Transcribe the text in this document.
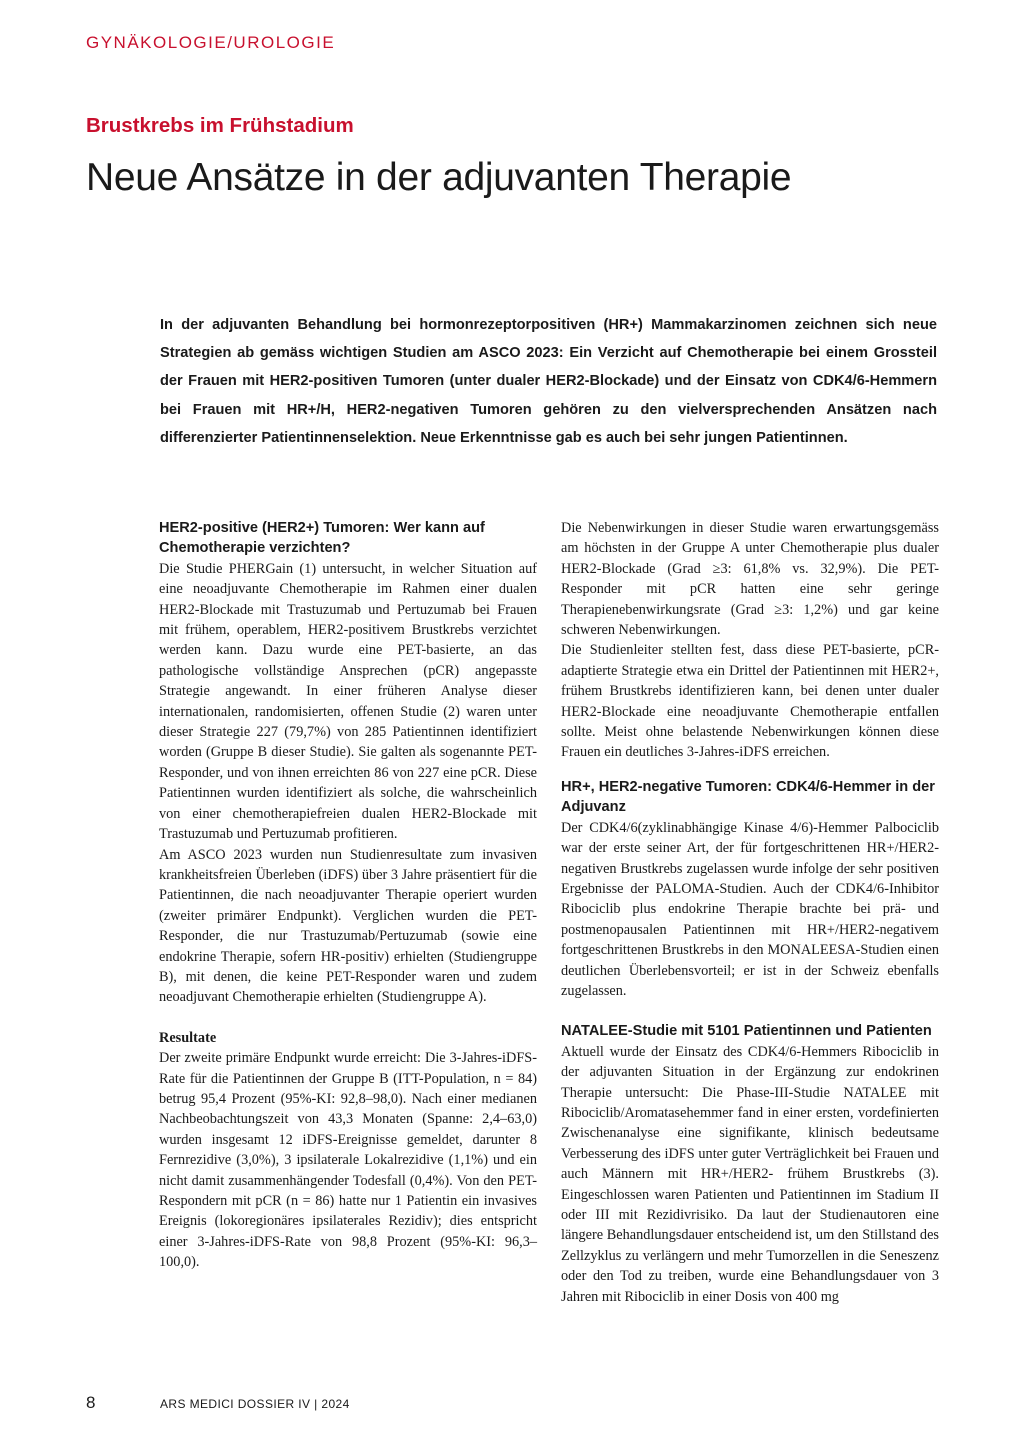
GYNÄKOLOGIE/UROLOGIE
Brustkrebs im Frühstadium
Neue Ansätze in der adjuvanten Therapie

In der adjuvanten Behandlung bei hormonrezeptorpositiven (HR+) Mammakarzinomen zeichnen sich neue Strategien ab gemäss wichtigen Studien am ASCO 2023: Ein Verzicht auf Chemotherapie bei einem Grossteil der Frauen mit HER2-positiven Tumoren (unter dualer HER2-Blockade) und der Einsatz von CDK4/6-Hemmern bei Frauen mit HR+/H, HER2-negativen Tumoren gehören zu den vielversprechenden Ansätzen nach differenzierter Patientinnenselektion. Neue Erkenntnisse gab es auch bei sehr jungen Patientinnen.

HER2-positive (HER2+) Tumoren: Wer kann auf Chemotherapie verzichten?

Die Studie PHERGain (1) untersucht, in welcher Situation auf eine neoadjuvante Chemotherapie im Rahmen einer dualen HER2-Blockade mit Trastuzumab und Pertuzumab bei Frauen mit frühem, operablem, HER2-positivem Brustkrebs verzichtet werden kann. Dazu wurde eine PET-basierte, an das pathologische vollständige Ansprechen (pCR) angepasste Strategie angewandt. In einer früheren Analyse dieser internationalen, randomisierten, offenen Studie (2) waren unter dieser Strategie 227 (79,7%) von 285 Patientinnen identifiziert worden (Gruppe B dieser Studie). Sie galten als sogenannte PET-Responder, und von ihnen erreichten 86 von 227 eine pCR. Diese Patientinnen wurden identifiziert als solche, die wahrscheinlich von einer chemotherapiefreien dualen HER2-Blockade mit Trastuzumab und Pertuzumab profitieren.

Am ASCO 2023 wurden nun Studienresultate zum invasiven krankheitsfreien Überleben (iDFS) über 3 Jahre präsentiert für die Patientinnen, die nach neoadjuvanter Therapie operiert wurden (zweiter primärer Endpunkt). Verglichen wurden die PET-Responder, die nur Trastuzumab/Pertuzumab (sowie eine endokrine Therapie, sofern HR-positiv) erhielten (Studiengruppe B), mit denen, die keine PET-Responder waren und zudem neoadjuvant Chemotherapie erhielten (Studiengruppe A).

Resultate

Der zweite primäre Endpunkt wurde erreicht: Die 3-Jahres-iDFS-Rate für die Patientinnen der Gruppe B (ITT-Population, n = 84) betrug 95,4 Prozent (95%-KI: 92,8–98,0). Nach einer medianen Nachbeobachtungszeit von 43,3 Monaten (Spanne: 2,4–63,0) wurden insgesamt 12 iDFS-Ereignisse gemeldet, darunter 8 Fernrezidive (3,0%), 3 ipsilaterale Lokalrezidive (1,1%) und ein nicht damit zusammenhängender Todesfall (0,4%). Von den PET-Respondern mit pCR (n = 86) hatte nur 1 Patientin ein invasives Ereignis (lokoregionäres ipsilaterales Rezidiv); dies entspricht einer 3-Jahres-iDFS-Rate von 98,8 Prozent (95%-KI: 96,3–100,0).

Die Nebenwirkungen in dieser Studie waren erwartungsgemäss am höchsten in der Gruppe A unter Chemotherapie plus dualer HER2-Blockade (Grad ≥3: 61,8% vs. 32,9%). Die PET-Responder mit pCR hatten eine sehr geringe Therapienebenwirkungsrate (Grad ≥3: 1,2%) und gar keine schweren Nebenwirkungen.

Die Studienleiter stellten fest, dass diese PET-basierte, pCR-adaptierte Strategie etwa ein Drittel der Patientinnen mit HER2+, frühem Brustkrebs identifizieren kann, bei denen unter dualer HER2-Blockade eine neoadjuvante Chemotherapie entfallen sollte. Meist ohne belastende Nebenwirkungen können diese Frauen ein deutliches 3-Jahres-iDFS erreichen.

HR+, HER2-negative Tumoren: CDK4/6-Hemmer in der Adjuvanz

Der CDK4/6(zyklinabhängige Kinase 4/6)-Hemmer Palbociclib war der erste seiner Art, der für fortgeschrittenen HR+/HER2-negativen Brustkrebs zugelassen wurde infolge der sehr positiven Ergebnisse der PALOMA-Studien. Auch der CDK4/6-Inhibitor Ribociclib plus endokrine Therapie brachte bei prä- und postmenopausalen Patientinnen mit HR+/HER2-negativem fortgeschrittenen Brustkrebs in den MONALEESA-Studien einen deutlichen Überlebensvorteil; er ist in der Schweiz ebenfalls zugelassen.

NATALEE-Studie mit 5101 Patientinnen und Patienten

Aktuell wurde der Einsatz des CDK4/6-Hemmers Ribociclib in der adjuvanten Situation in der Ergänzung zur endokrinen Therapie untersucht: Die Phase-III-Studie NATALEE mit Ribociclib/Aromatasehemmer fand in einer ersten, vordefinierten Zwischenanalyse eine signifikante, klinisch bedeutsame Verbesserung des iDFS unter guter Verträglichkeit bei Frauen und auch Männern mit HR+/HER2- frühem Brustkrebs (3). Eingeschlossen waren Patienten und Patientinnen im Stadium II oder III mit Rezidivrisiko. Da laut der Studienautoren eine längere Behandlungsdauer entscheidend ist, um den Stillstand des Zellzyklus zu verlängern und mehr Tumorzellen in die Seneszenz oder den Tod zu treiben, wurde eine Behandlungsdauer von 3 Jahren mit Ribociclib in einer Dosis von 400 mg

8	ARS MEDICI DOSSIER IV | 2024
